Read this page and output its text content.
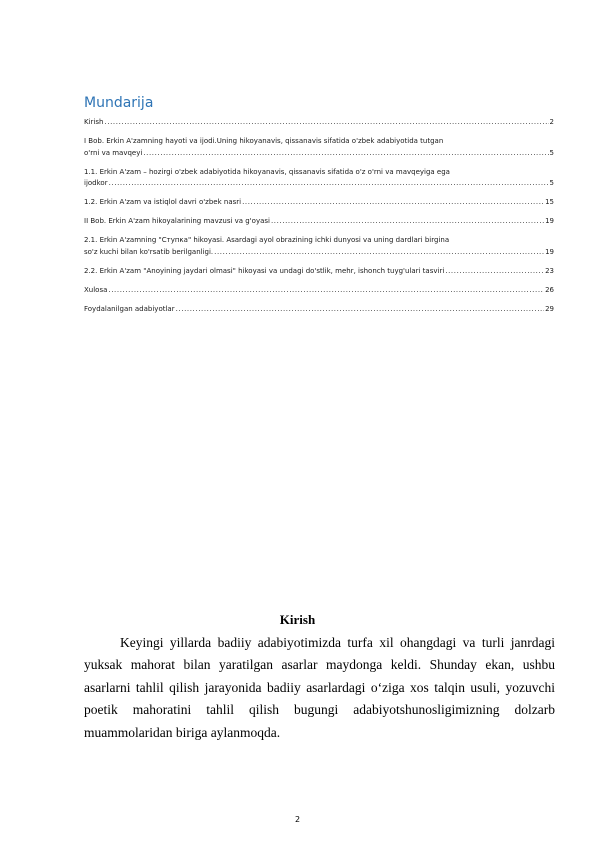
Mundarija
Kirish .....	2
I Bob. Erkin A'zamning hayoti va ijodi.Uning hikoyanavis, qissanavis sifatida o'zbek adabiyotida tutgan
o'rni va mavqeyi .....	5
1.1. Erkin A'zam – hozirgi o'zbek adabiyotida hikoyanavis, qissanavis sifatida o'z o'rni va mavqeyiga ega
ijodkor .....	5
1.2. Erkin A'zam va istiqlol davri o'zbek nasri .....	15
II Bob. Erkin A'zam hikoyalarining mavzusi va g'oyasi .....	19
2.1. Erkin A'zamning "Ступка" hikoyasi. Asardagi ayol obrazining ichki dunyosi va uning dardlari birgina
so'z kuchi bilan ko'rsatib berilganligi. .....	19
2.2. Erkin A'zam "Anoyining jaydari olmasi" hikoyasi va undagi do'stlik, mehr, ishonch tuyg'ulari tasviri .....	23
Xulosa .....	26
Foydalanilgan adabiyotlar .....	29
Kirish

Keyingi yillarda badiiy adabiyotimizda turfa xil ohangdagi va turli janrdagi yuksak mahorat bilan yaratilgan asarlar maydonga keldi. Shunday ekan, ushbu asarlarni tahlil qilish jarayonida badiiy asarlardagi o‘ziga xos talqin usuli, yozuvchi poetik mahoratini tahlil qilish bugungi adabiyotshunosligimizning dolzarb muammolaridan biriga aylanmoqda.

2
